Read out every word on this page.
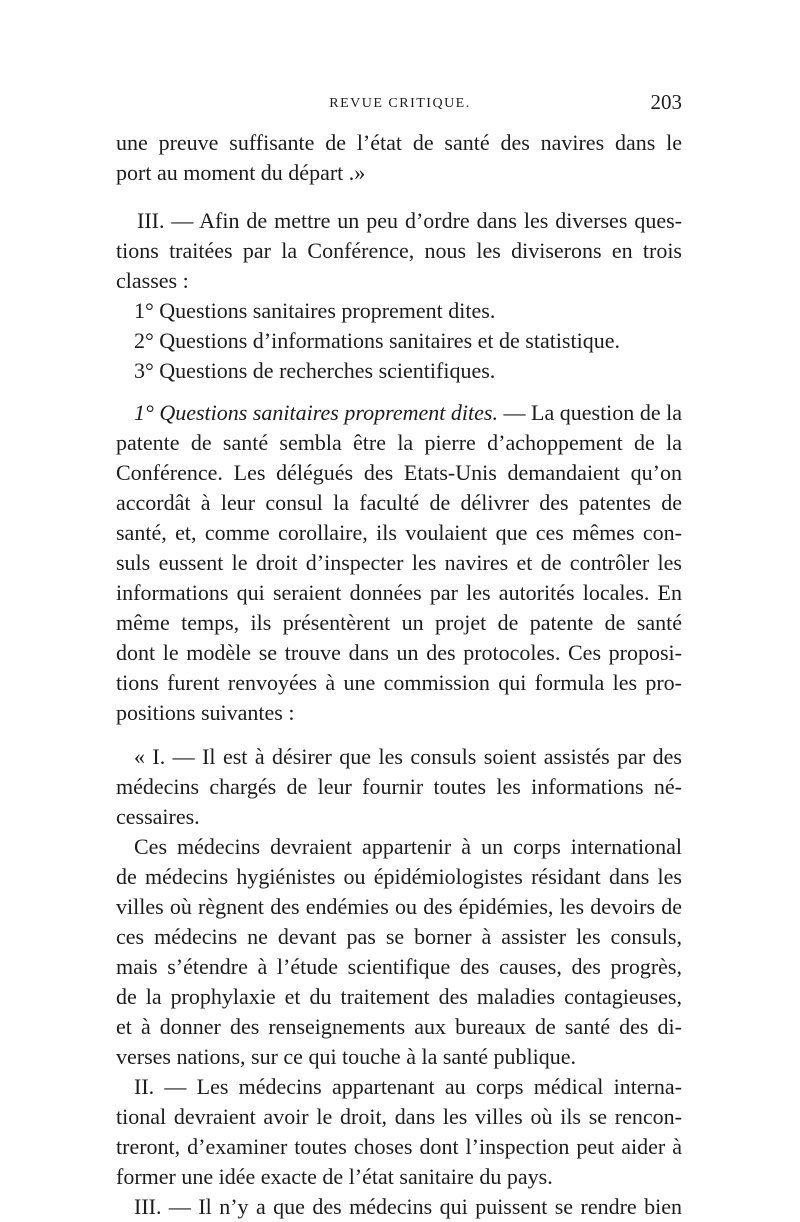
REVUE CRITIQUE.	203
une preuve suffisante de l’état de santé des navires dans le
port au moment du départ .»
III. — Afin de mettre un peu d’ordre dans les diverses ques-
tions traitées par la Conférence, nous les diviserons en trois
classes :
1° Questions sanitaires proprement dites.
2° Questions d’informations sanitaires et de statistique.
3° Questions de recherches scientifiques.
1° Questions sanitaires proprement dites. — La question de la
patente de santé sembla être la pierre d’achoppement de la
Conférence. Les délégués des Etats-Unis demandaient qu’on
accordât à leur consul la faculté de délivrer des patentes de
santé, et, comme corollaire, ils voulaient que ces mêmes con-
suls eussent le droit d’inspecter les navires et de contrôler les
informations qui seraient données par les autorités locales. En
même temps, ils présentèrent un projet de patente de santé
dont le modèle se trouve dans un des protocoles. Ces proposi-
tions furent renvoyées à une commission qui formula les pro-
positions suivantes :
« I. — Il est à désirer que les consuls soient assistés par des
médecins chargés de leur fournir toutes les informations né-
cessaires.
Ces médecins devraient appartenir à un corps international
de médecins hygiénistes ou épidémiologistes résidant dans les
villes où règnent des endémies ou des épidémies, les devoirs de
ces médecins ne devant pas se borner à assister les consuls,
mais s’étendre à l’étude scientifique des causes, des progrès,
de la prophylaxie et du traitement des maladies contagieuses,
et à donner des renseignements aux bureaux de santé des di-
verses nations, sur ce qui touche à la santé publique.
II. — Les médecins appartenant au corps médical interna-
tional devraient avoir le droit, dans les villes où ils se rencon-
treront, d’examiner toutes choses dont l’inspection peut aider à
former une idée exacte de l’état sanitaire du pays.
III. — Il n’y a que des médecins qui puissent se rendre bien
